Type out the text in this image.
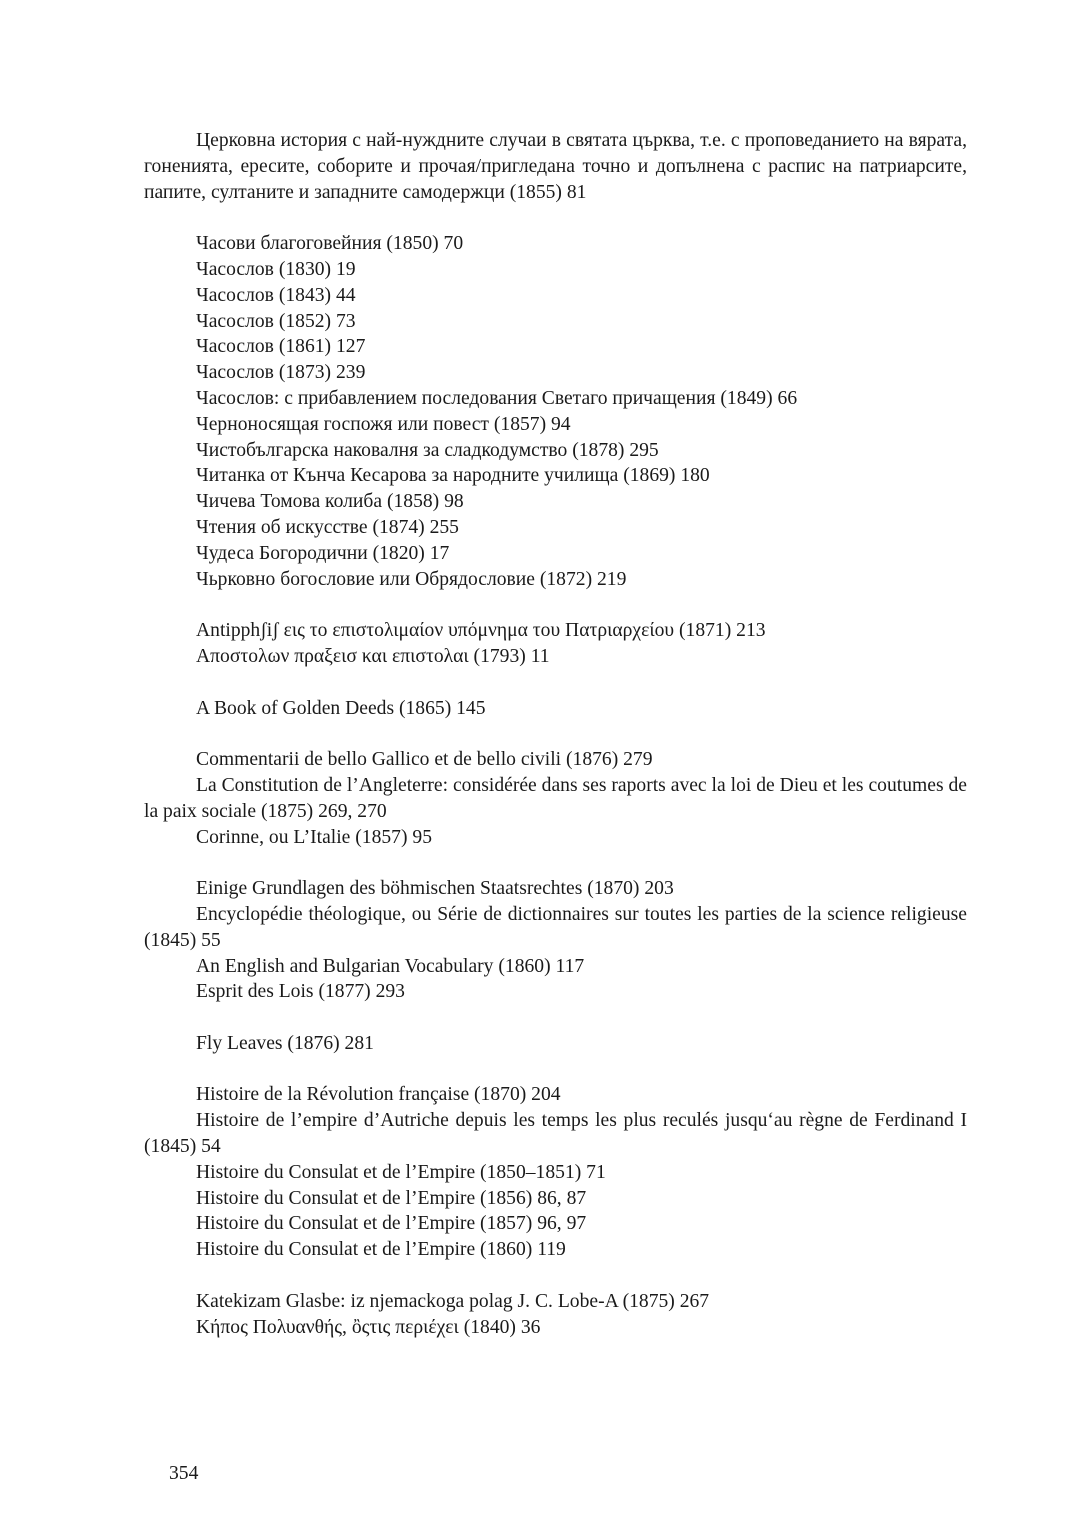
Церковна история с най-нуждните случаи в святата църква, т.е. с проповеданието на вярата, гоненията, ересите, соборите и прочая/пригледана точно и допълнена с распис на патриарсите, папите, султаните и западните самодержци (1855) 81

Часови благоговейния (1850) 70

Часослов (1830) 19

Часослов (1843) 44

Часослов (1852) 73

Часослов (1861) 127

Часослов (1873) 239

Часослов: с прибавлением последования Светаго причащения (1849) 66

Черноносящая госпожя или повест (1857) 94

Чистобългарска наковалня за сладкодумство (1878) 295

Читанка от Кънча Кесарова за народните училища (1869) 180

Чичева Томова колиба (1858) 98

Чтения об искусстве (1874) 255

Чудеса Богородични (1820) 17

Чьрковно богословие или Обрядословие (1872) 219

Antipphʃiʃ εις το επιστολιμαίον υπόμνημα του Πατριαρχείου (1871) 213

Αποστολων πραξεισ και επιστολαι (1793) 11

A Book of Golden Deeds (1865) 145

Commentarii de bello Gallico et de bello civili (1876) 279

La Constitution de l’Angleterre: considérée dans ses raports avec la loi de Dieu et les coutumes de la paix sociale (1875) 269, 270

Corinne, ou L’Italie (1857) 95

Einige Grundlagen des böhmischen Staatsrechtes (1870) 203

Encyclopédie théologique, ou Série de dictionnaires sur toutes les parties de la science religieuse (1845) 55

An English and Bulgarian Vocabulary (1860) 117

Esprit des Lois (1877) 293

Fly Leaves (1876) 281

Histoire de la Révolution française (1870) 204

Histoire de l’empire d’Autriche depuis les temps les plus reculés jusqu‘au règne de Ferdinand I (1845) 54

Histoire du Consulat et de l’Empire (1850–1851) 71

Histoire du Consulat et de l’Empire (1856) 86, 87

Histoire du Consulat et de l’Empire (1857) 96, 97

Histoire du Consulat et de l’Empire (1860) 119

Katekizam Glasbe: iz njemackoga polag J. C. Lobe-A (1875) 267

Κήπος Πολυανθής, ὂςτις περιέχει (1840) 36

354
